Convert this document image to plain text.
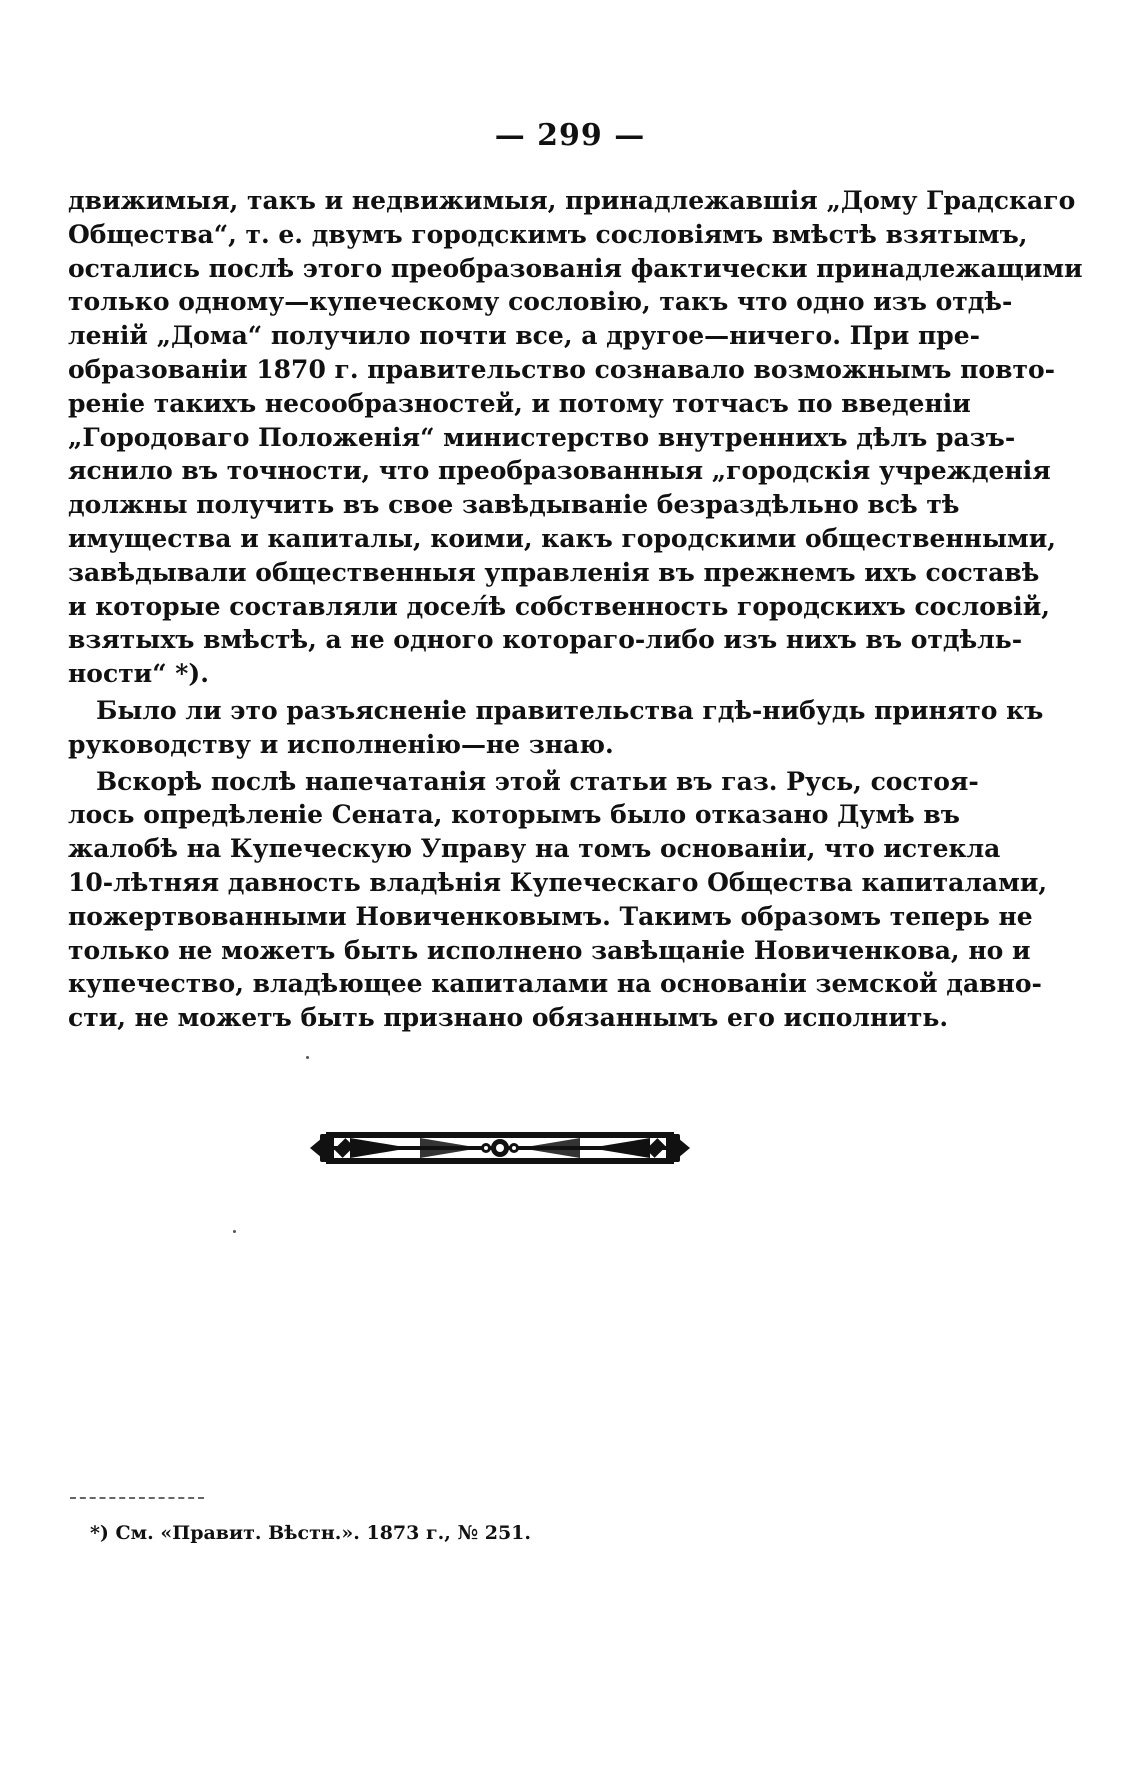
— 299 —
движимыя, такъ и недвижимыя, принадлежавшія „Дому Градскаго
Общества“, т. е. двумъ городскимъ сословіямъ вмѣстѣ взятымъ,
остались послѣ этого преобразованія фактически принадлежащими
только одному—купеческому сословію, такъ что одно изъ отдѣ-
леній „Дома“ получило почти все, а другое—ничего. При пре-
образованіи 1870 г. правительство сознавало возможнымъ повто-
реніе такихъ несообразностей, и потому тотчасъ по введеніи
„Городоваго Положенія“ министерство внутреннихъ дѣлъ разъ-
яснило въ точности, что преобразованныя „городскія учрежденія
должны получить въ свое завѣдываніе безраздѣльно всѣ тѣ
имущества и капиталы, коими, какъ городскими общественными,
завѣдывали общественныя управленія въ прежнемъ ихъ составѣ
и которые составляли досел́ѣ собственность городскихъ сословій,
взятыхъ вмѣстѣ, а не одного котораго-либо изъ нихъ въ отдѣль-
ности“ *).
Было ли это разъясненіе правительства гдѣ-нибудь принято къ
руководству и исполненію—не знаю.
Вскорѣ послѣ напечатанія этой статьи въ газ. Русь, состоя-
лось опредѣленіе Сената, которымъ было отказано Думѣ въ
жалобѣ на Купеческую Управу на томъ основаніи, что истекла
10-лѣтняя давность владѣнія Купеческаго Общества капиталами,
пожертвованными Новиченковымъ. Такимъ образомъ теперь не
только не можетъ быть исполнено завѣщаніе Новиченкова, но и
купечество, владѣющее капиталами на основаніи земской давно-
сти, не можетъ быть признано обязаннымъ его исполнить.
*) См. «Правит. Вѣстн.». 1873 г., № 251.
